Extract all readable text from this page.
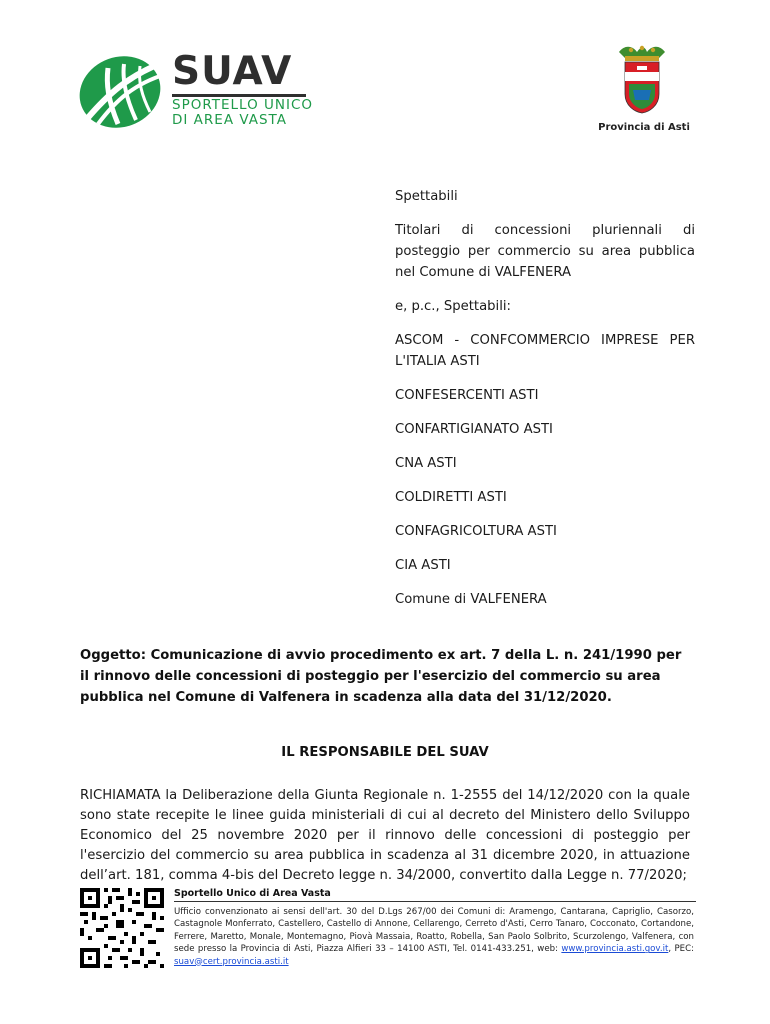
SUAV
SPORTELLO UNICO
DI AREA VASTA	Provincia di Asti

Spettabili

Titolari di concessioni pluriennali di posteggio per commercio su area pubblica nel Comune di VALFENERA

e, p.c., Spettabili:

ASCOM - CONFCOMMERCIO IMPRESE PER L'ITALIA ASTI

CONFESERCENTI ASTI

CONFARTIGIANATO ASTI

CNA ASTI

COLDIRETTI ASTI

CONFAGRICOLTURA ASTI

CIA ASTI

Comune di VALFENERA

Oggetto: Comunicazione di avvio procedimento ex art. 7 della L. n. 241/1990 per il rinnovo delle concessioni di posteggio per l'esercizio del commercio su area pubblica nel Comune di Valfenera in scadenza alla data del 31/12/2020.
IL RESPONSABILE DEL SUAV
RICHIAMATA la Deliberazione della Giunta Regionale n. 1-2555 del 14/12/2020 con la quale sono state recepite le linee guida ministeriali di cui al decreto del Ministero dello Sviluppo Economico del 25 novembre 2020 per il rinnovo delle concessioni di posteggio per l'esercizio del commercio su area pubblica in scadenza al 31 dicembre 2020, in attuazione dell’art. 181, comma 4-bis del Decreto legge n. 34/2000, convertito dalla Legge n. 77/2020;
Sportello Unico di Area Vasta
Ufficio convenzionato ai sensi dell'art. 30 del D.Lgs 267/00 dei Comuni di: Aramengo, Cantarana, Capriglio, Casorzo, Castagnole Monferrato, Castellero, Castello di Annone, Cellarengo, Cerreto d'Asti, Cerro Tanaro, Cocconato, Cortandone, Ferrere, Maretto, Monale, Montemagno, Piovà Massaia, Roatto, Robella, San Paolo Solbrito, Scurzolengo, Valfenera, con sede presso la Provincia di Asti, Piazza Alfieri 33 – 14100 ASTI, Tel. 0141-433.251, web: www.provincia.asti.gov.it, PEC: suav@cert.provincia.asti.it
